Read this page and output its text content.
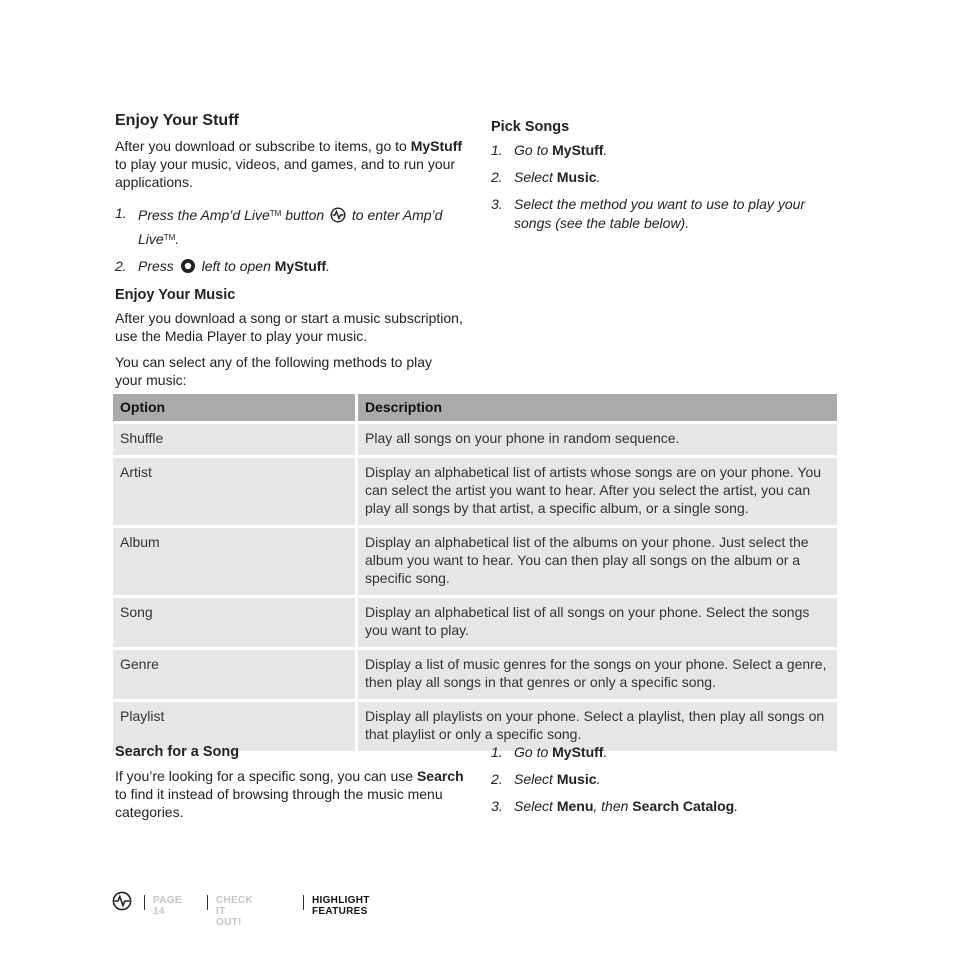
Enjoy Your Stuff

After you download or subscribe to items, go to MyStuff to play your music, videos, and games, and to run your applications.

1. Press the Amp’d Live™ button  to enter Amp’d Live™.
2. Press  left to open MyStuff.
Enjoy Your Music

After you download a song or start a music subscription, use the Media Player to play your music.

You can select any of the following methods to play your music:

Pick Songs
1. Go to MyStuff.
2. Select Music.
3. Select the method you want to use to play your songs (see the table below).
Option	Description
Shuffle	Play all songs on your phone in random sequence.
Artist	Display an alphabetical list of artists whose songs are on your phone. You can select the artist you want to hear. After you select the artist, you can play all songs by that artist, a specific album, or a single song.
Album	Display an alphabetical list of the albums on your phone. Just select the album you want to hear. You can then play all songs on the album or a specific song.
Song	Display an alphabetical list of all songs on your phone. Select the songs you want to play.
Genre	Display a list of music genres for the songs on your phone. Select a genre, then play all songs in that genres or only a specific song.
Playlist	Display all playlists on your phone. Select a playlist, then play all songs on that playlist or only a specific song.
Search for a Song

If you’re looking for a specific song, you can use Search to find it instead of browsing through the music menu categories.

1. Go to MyStuff.
2. Select Music.
3. Select Menu, then Search Catalog.
PAGE 14
CHECK IT OUT!
HIGHLIGHT FEATURES
